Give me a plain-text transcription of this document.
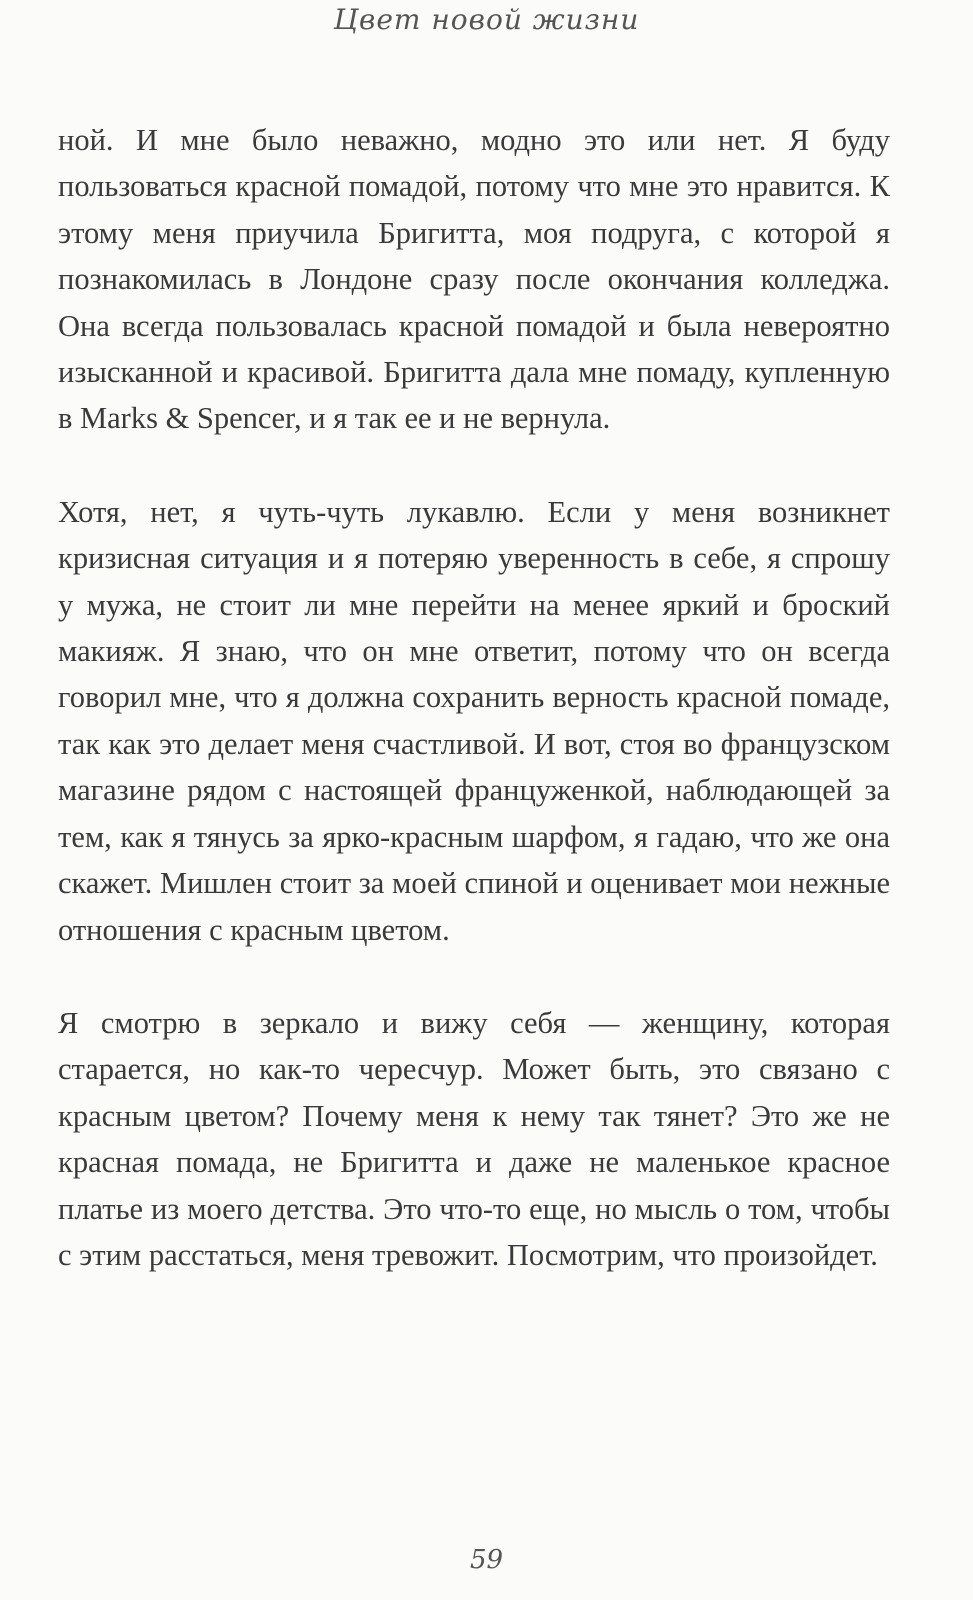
Цвет новой жизни

ной. И мне было неважно, модно это или нет. Я буду пользоваться красной помадой, потому что мне это нравится. К этому меня приучила Бригитта, моя подруга, с которой я познакомилась в Лондоне сразу после окончания колледжа. Она всегда пользовалась красной помадой и была невероятно изысканной и красивой. Бригитта дала мне помаду, купленную в Marks & Spencer, и я так ее и не вернула.

Хотя, нет, я чуть-чуть лукавлю. Если у меня возникнет кризисная ситуация и я потеряю уверенность в себе, я спрошу у мужа, не стоит ли мне перейти на менее яркий и броский макияж. Я знаю, что он мне ответит, потому что он всегда говорил мне, что я должна сохранить верность красной помаде, так как это делает меня счастливой. И вот, стоя во французском магазине рядом с настоящей француженкой, наблюдающей за тем, как я тянусь за ярко-красным шарфом, я гадаю, что же она скажет. Мишлен стоит за моей спиной и оценивает мои нежные отношения с красным цветом.

Я смотрю в зеркало и вижу себя — женщину, которая старается, но как-то чересчур. Может быть, это связано с красным цветом? Почему меня к нему так тянет? Это же не красная помада, не Бригитта и даже не маленькое красное платье из моего детства. Это что-то еще, но мысль о том, чтобы с этим расстаться, меня тревожит. Посмотрим, что произойдет.

59
